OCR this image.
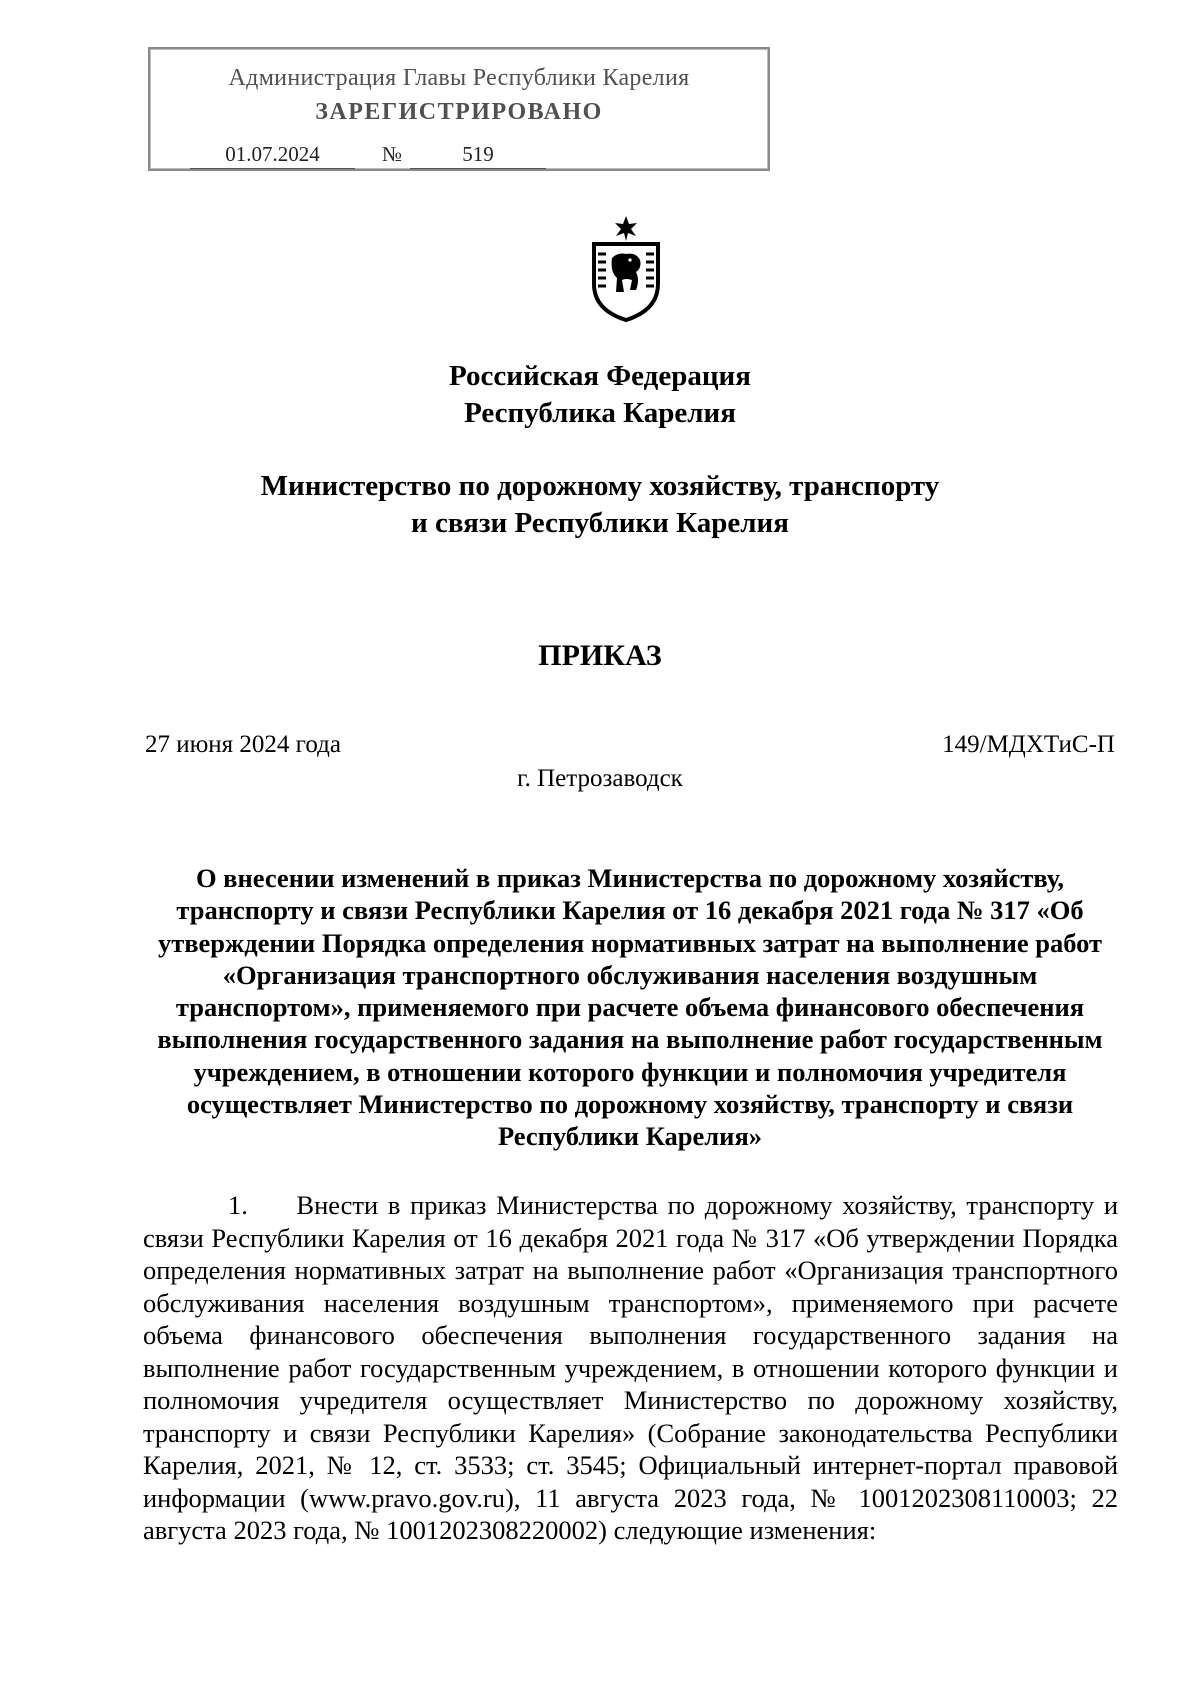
Администрация Главы Республики Карелия
ЗАРЕГИСТРИРОВАНО
01.07.2024	№	519
Российская Федерация
Республика Карелия
Министерство по дорожному хозяйству, транспорту
и связи Республики Карелия
ПРИКАЗ
27 июня 2024 года	149/МДХТиС-П
г. Петрозаводск
О внесении изменений в приказ Министерства по дорожному хозяйству, транспорту и связи Республики Карелия от 16 декабря 2021 года № 317 «Об утверждении Порядка определения нормативных затрат на выполнение работ «Организация транспортного обслуживания населения воздушным транспортом», применяемого при расчете объема финансового обеспечения выполнения государственного задания на выполнение работ государственным учреждением, в отношении которого функции и полномочия учредителя осуществляет Министерство по дорожному хозяйству, транспорту и связи Республики Карелия»
1. Внести в приказ Министерства по дорожному хозяйству, транспорту и связи Республики Карелия от 16 декабря 2021 года № 317 «Об утверждении Порядка определения нормативных затрат на выполнение работ «Организация транспортного обслуживания населения воздушным транспортом», применяемого при расчете объема финансового обеспечения выполнения государственного задания на выполнение работ государственным учреждением, в отношении которого функции и полномочия учредителя осуществляет Министерство по дорожному хозяйству, транспорту и связи Республики Карелия» (Собрание законодательства Республики Карелия, 2021, № 12, ст. 3533; ст. 3545; Официальный интернет-портал правовой информации (www.pravo.gov.ru), 11 августа 2023 года, № 1001202308110003; 22 августа 2023 года, № 1001202308220002) следующие изменения:
